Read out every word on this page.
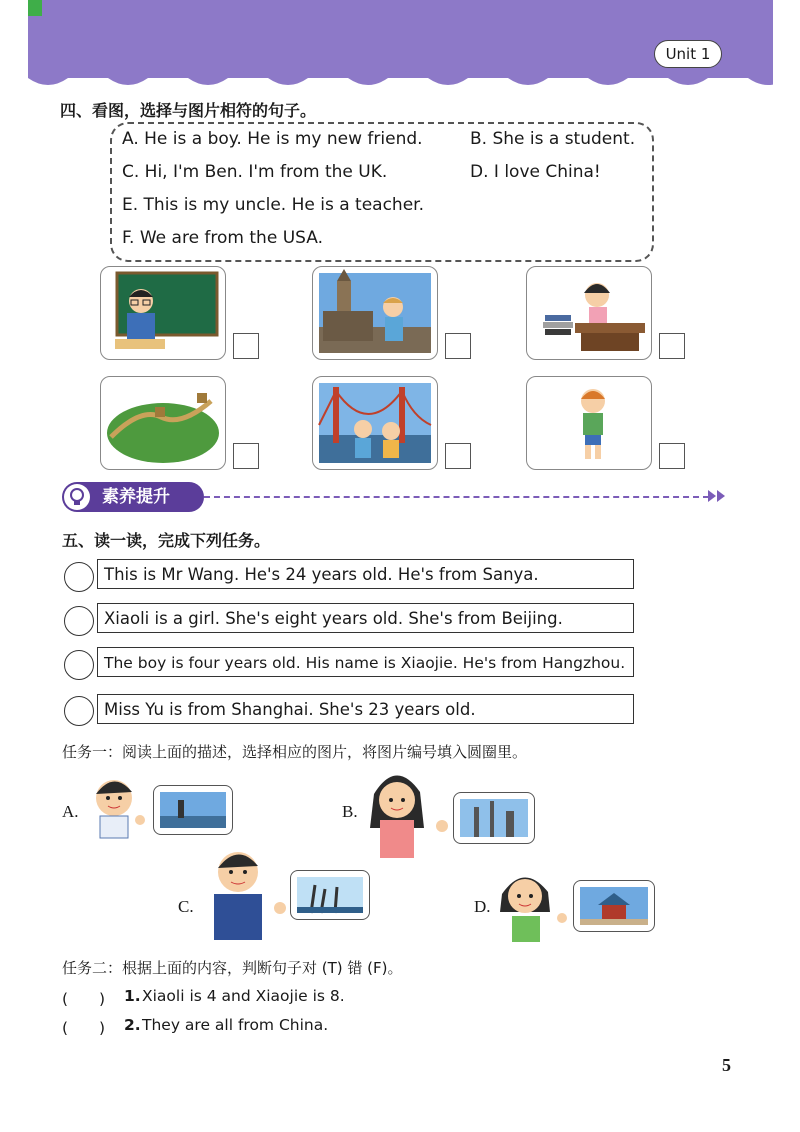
Unit 1
四、看图，选择与图片相符的句子。
A. He is a boy. He is my new friend.	B. She is a student.
C. Hi, I'm Ben. I'm from the UK.	D. I love China!
E. This is my uncle. He is a teacher.
F. We are from the USA.
素养提升
五、读一读，完成下列任务。
This is Mr Wang. He's 24 years old. He's from Sanya.
Xiaoli is a girl. She's eight years old. She's from Beijing.
The boy is four years old. His name is Xiaojie. He's from Hangzhou.
Miss Yu is from Shanghai. She's 23 years old.
任务一：阅读上面的描述，选择相应的图片，将图片编号填入圆圈里。
A.	B.
C.	D.
任务二：根据上面的内容，判断句子对 (T) 错 (F)。
(　　) 1. Xiaoli is 4 and Xiaojie is 8.
(　　) 2. They are all from China.
5
